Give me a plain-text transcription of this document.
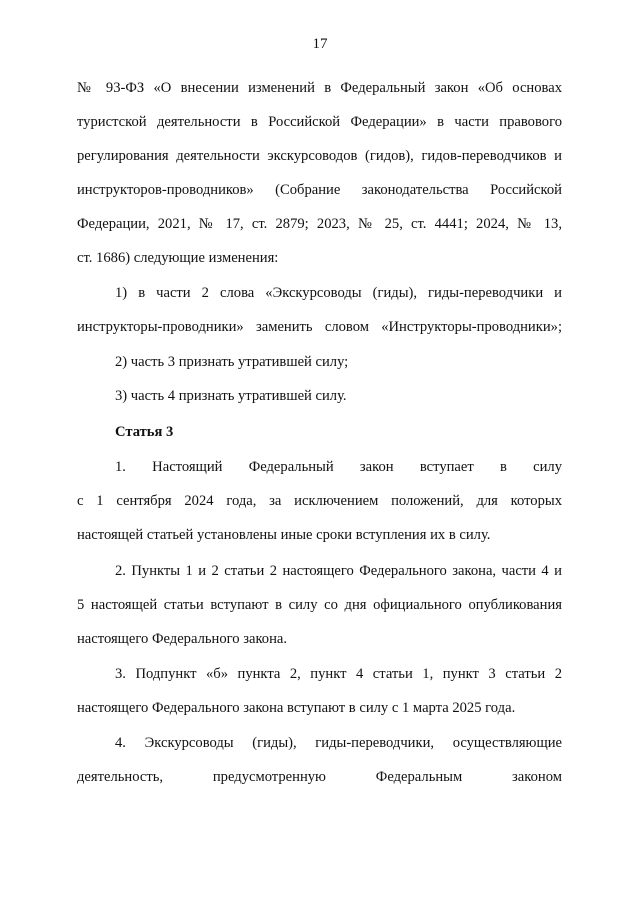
17
№ 93-ФЗ «О внесении изменений в Федеральный закон «Об основах
туристской деятельности в Российской Федерации» в части правового
регулирования деятельности экскурсоводов (гидов), гидов-переводчиков и
инструкторов-проводников» (Собрание законодательства Российской
Федерации, 2021, № 17, ст. 2879; 2023, № 25, ст. 4441; 2024, № 13,
ст. 1686) следующие изменения:
1) в части 2 слова «Экскурсоводы (гиды), гиды-переводчики и
инструкторы-проводники» заменить словом «Инструкторы-проводники»;
2) часть 3 признать утратившей силу;
3) часть 4 признать утратившей силу.
Статья 3
1. Настоящий Федеральный закон вступает в силу
с 1 сентября 2024 года, за исключением положений, для которых
настоящей статьей установлены иные сроки вступления их в силу.
2. Пункты 1 и 2 статьи 2 настоящего Федерального закона, части 4 и
5 настоящей статьи вступают в силу со дня официального опубликования
настоящего Федерального закона.
3. Подпункт «б» пункта 2, пункт 4 статьи 1, пункт 3 статьи 2
настоящего Федерального закона вступают в силу с 1 марта 2025 года.
4. Экскурсоводы (гиды), гиды-переводчики, осуществляющие
деятельность, предусмотренную Федеральным законом
